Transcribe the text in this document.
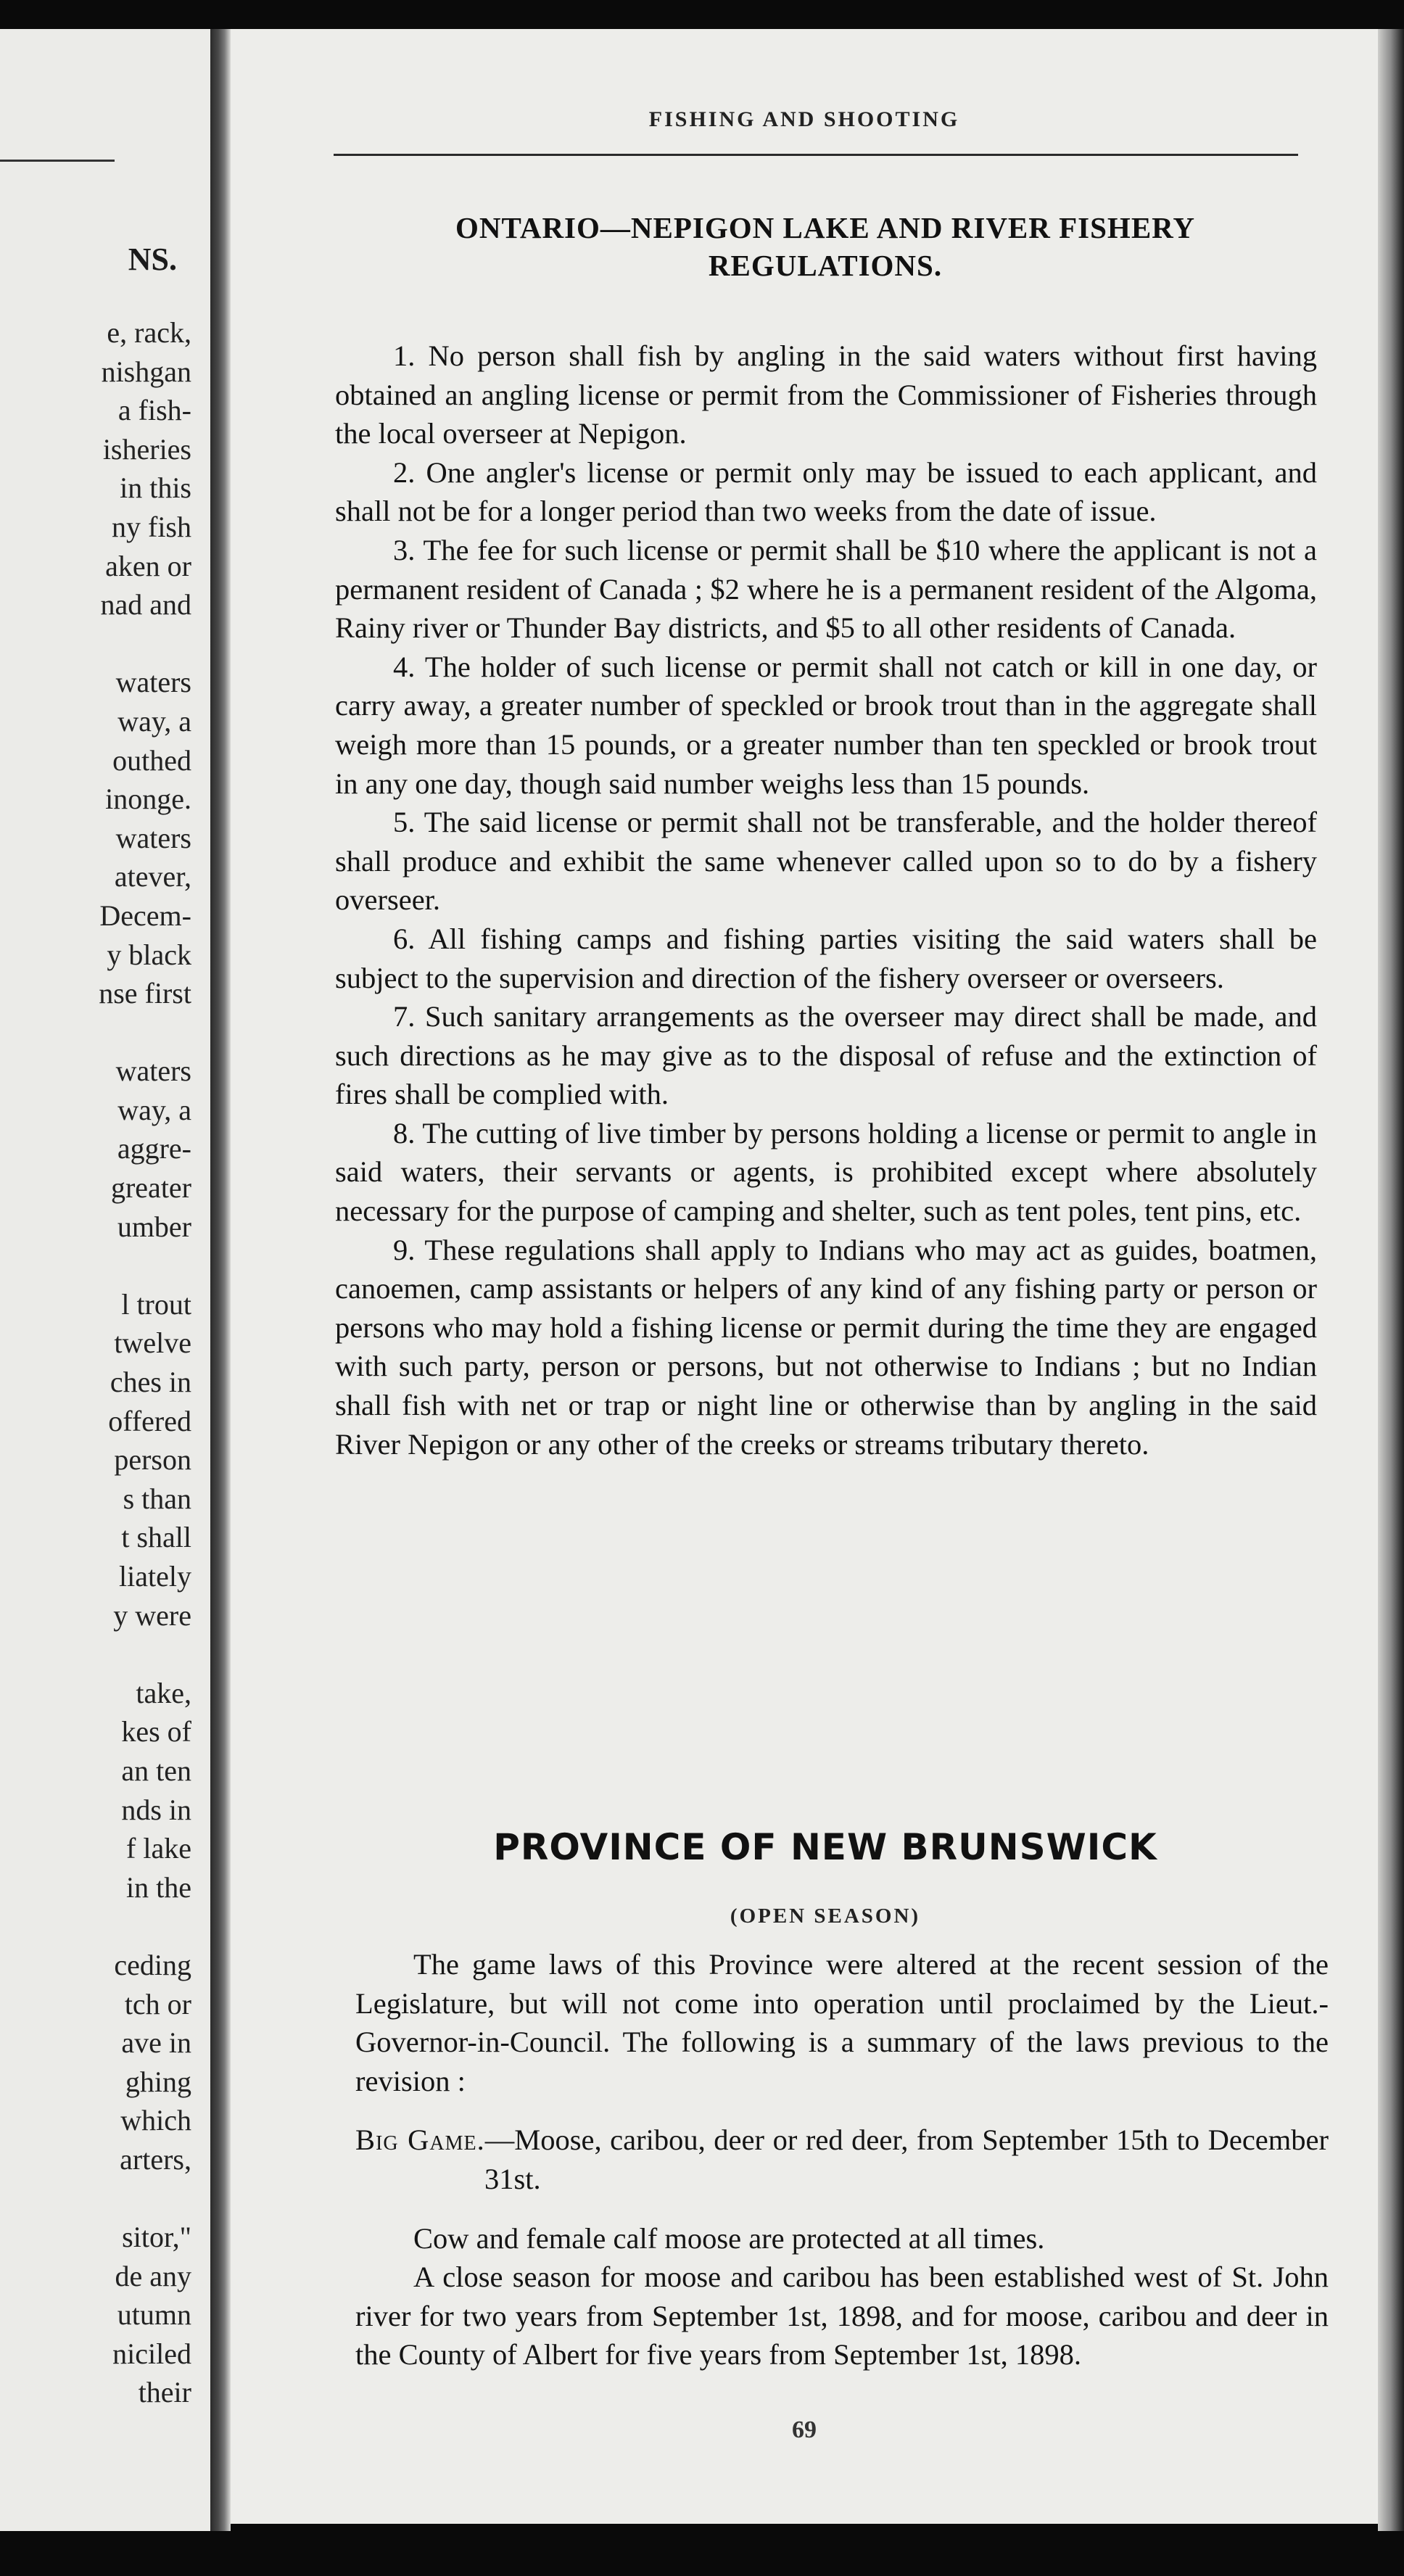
NS.
e, rack,
nishgan
a fish-
isheries
in this
ny fish
aken or
nad and
waters
way, a
outhed
inonge.
waters
atever,
Decem-
y black
nse first
waters
way, a
aggre-
greater
umber
l trout
twelve
ches in
offered
person
s than
t shall
liately
y were
take,
kes of
an ten
nds in
f lake
in the
ceding
tch or
ave in
ghing
which
arters,
sitor,"
de any
utumn
niciled
their
FISHING AND SHOOTING
ONTARIO—NEPIGON LAKE AND RIVER FISHERY REGULATIONS.

1. No person shall fish by angling in the said waters without first having obtained an angling license or permit from the Commissioner of Fisheries through the local overseer at Nepigon.

2. One angler's license or permit only may be issued to each applicant, and shall not be for a longer period than two weeks from the date of issue.

3. The fee for such license or permit shall be $10 where the applicant is not a permanent resident of Canada ; $2 where he is a permanent resident of the Algoma, Rainy river or Thunder Bay districts, and $5 to all other residents of Canada.

4. The holder of such license or permit shall not catch or kill in one day, or carry away, a greater number of speckled or brook trout than in the aggregate shall weigh more than 15 pounds, or a greater number than ten speckled or brook trout in any one day, though said number weighs less than 15 pounds.

5. The said license or permit shall not be transferable, and the holder thereof shall produce and exhibit the same whenever called upon so to do by a fishery overseer.

6. All fishing camps and fishing parties visiting the said waters shall be subject to the supervision and direction of the fishery overseer or overseers.

7. Such sanitary arrangements as the overseer may direct shall be made, and such directions as he may give as to the disposal of refuse and the extinction of fires shall be complied with.

8. The cutting of live timber by persons holding a license or permit to angle in said waters, their servants or agents, is prohibited except where absolutely necessary for the purpose of camping and shelter, such as tent poles, tent pins, etc.

9. These regulations shall apply to Indians who may act as guides, boatmen, canoemen, camp assistants or helpers of any kind of any fishing party or person or persons who may hold a fishing license or permit during the time they are engaged with such party, person or persons, but not otherwise to Indians ; but no Indian shall fish with net or trap or night line or otherwise than by angling in the said River Nepigon or any other of the creeks or streams tributary thereto.

PROVINCE OF NEW BRUNSWICK
(OPEN SEASON)

The game laws of this Province were altered at the recent session of the Legislature, but will not come into operation until proclaimed by the Lieut.-Governor-in-Council. The following is a summary of the laws previous to the revision :

Big Game.—Moose, caribou, deer or red deer, from September 15th to December 31st.

Cow and female calf moose are protected at all times.

A close season for moose and caribou has been established west of St. John river for two years from September 1st, 1898, and for moose, caribou and deer in the County of Albert for five years from September 1st, 1898.

69
